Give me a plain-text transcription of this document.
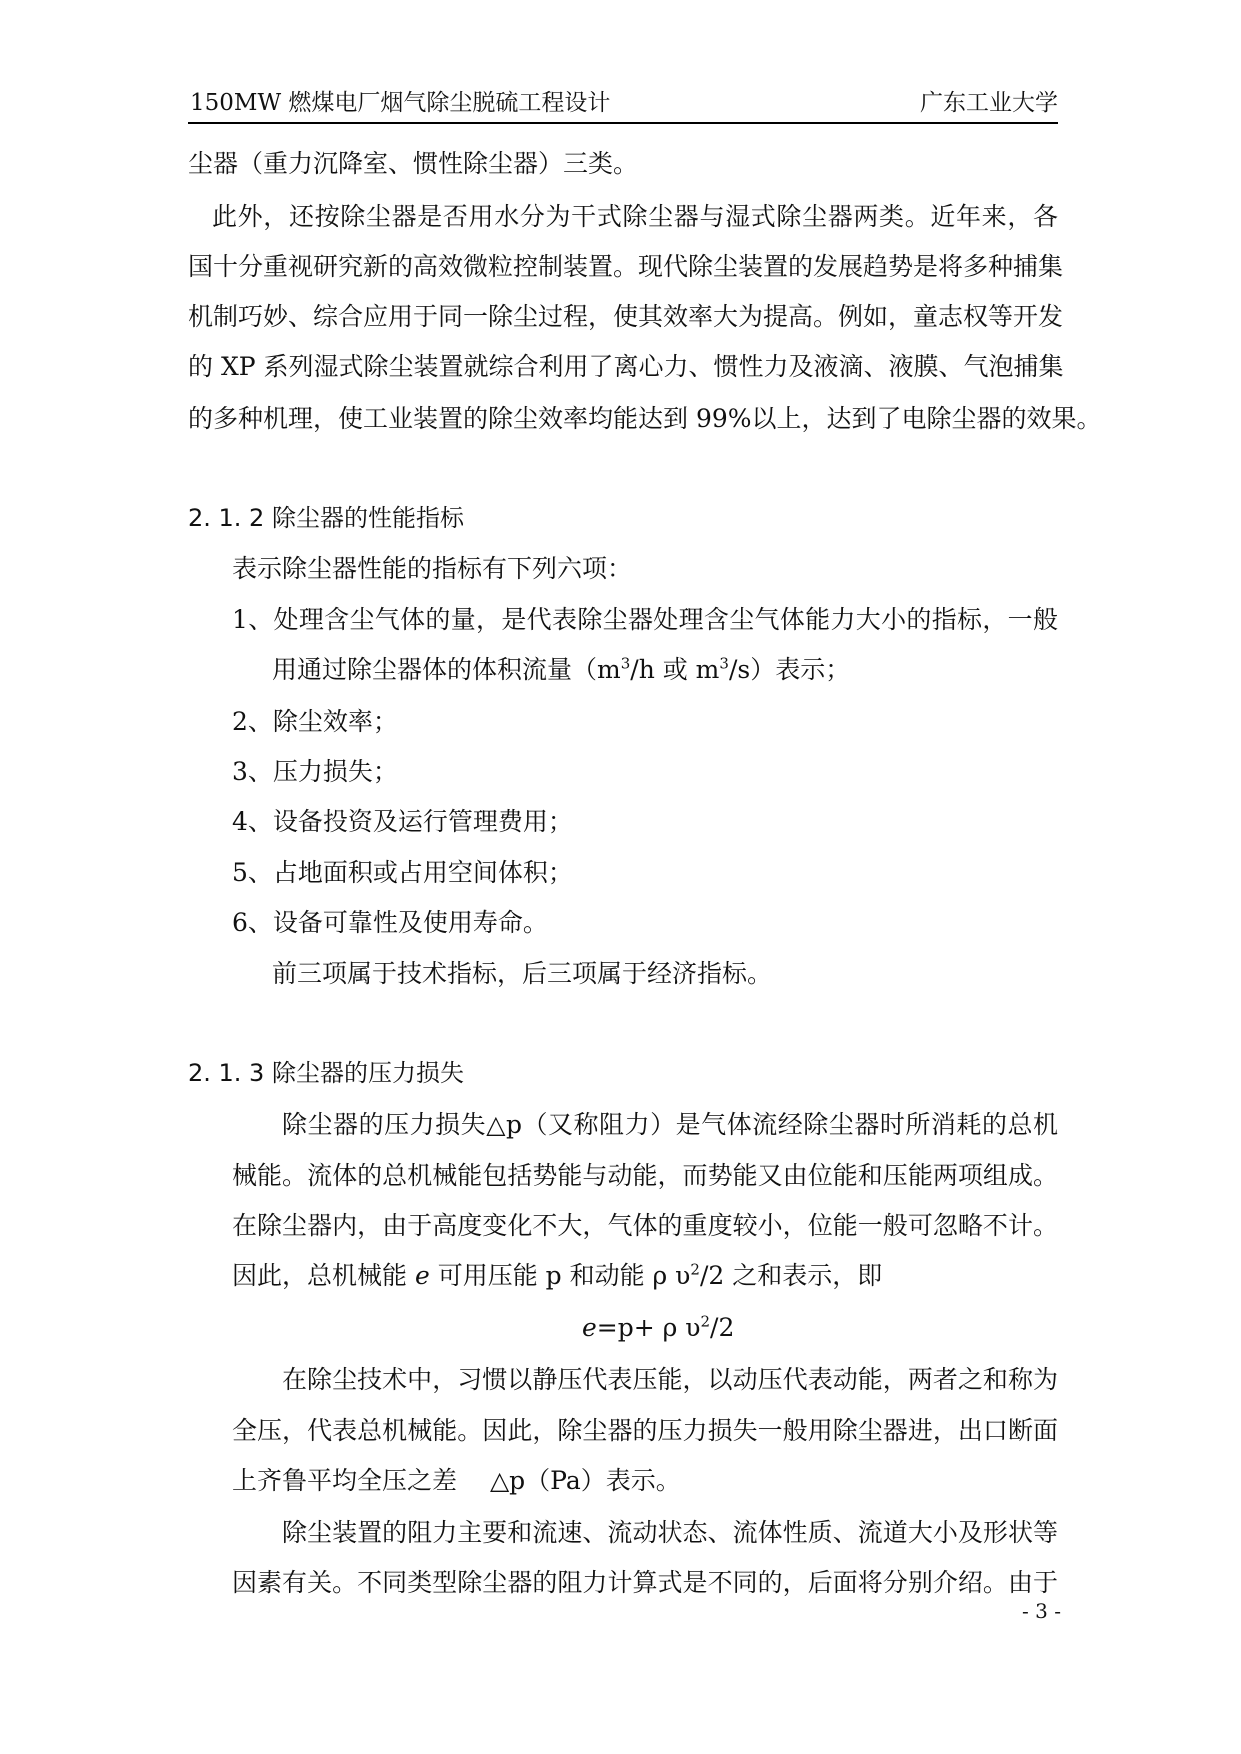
150MW 燃煤电厂烟气除尘脱硫工程设计	广东工业大学
尘器（重力沉降室、惯性除尘器）三类。
此外，还按除尘器是否用水分为干式除尘器与湿式除尘器两类。近年来，各
国十分重视研究新的高效微粒控制装置。现代除尘装置的发展趋势是将多种捕集
机制巧妙、综合应用于同一除尘过程，使其效率大为提高。例如，童志权等开发
的 XP 系列湿式除尘装置就综合利用了离心力、惯性力及液滴、液膜、气泡捕集
的多种机理，使工业装置的除尘效率均能达到 99%以上，达到了电除尘器的效果。
2. 1. 2 除尘器的性能指标
表示除尘器性能的指标有下列六项：
1、处理含尘气体的量，是代表除尘器处理含尘气体能力大小的指标，一般
用通过除尘器体的体积流量（$m^3/h$ 或 $m^3/s$）表示；
2、除尘效率；
3、压力损失；
4、设备投资及运行管理费用；
5、占地面积或占用空间体积；
6、设备可靠性及使用寿命。
前三项属于技术指标，后三项属于经济指标。
2. 1. 3 除尘器的压力损失
除尘器的压力损失△p（又称阻力）是气体流经除尘器时所消耗的总机
械能。流体的总机械能包括势能与动能，而势能又由位能和压能两项组成。
在除尘器内，由于高度变化不大，气体的重度较小，位能一般可忽略不计。
因此，总机械能 e 可用压能 p 和动能 ρ $\upsilon^2/2$ 之和表示，即
e=p+ ρ $\upsilon^2/2$
在除尘技术中，习惯以静压代表压能，以动压代表动能，两者之和称为
全压，代表总机械能。因此，除尘器的压力损失一般用除尘器进，出口断面
上齐鲁平均全压之差　 △p（Pa）表示。
除尘装置的阻力主要和流速、流动状态、流体性质、流道大小及形状等
因素有关。不同类型除尘器的阻力计算式是不同的，后面将分别介绍。由于
- 3 -
